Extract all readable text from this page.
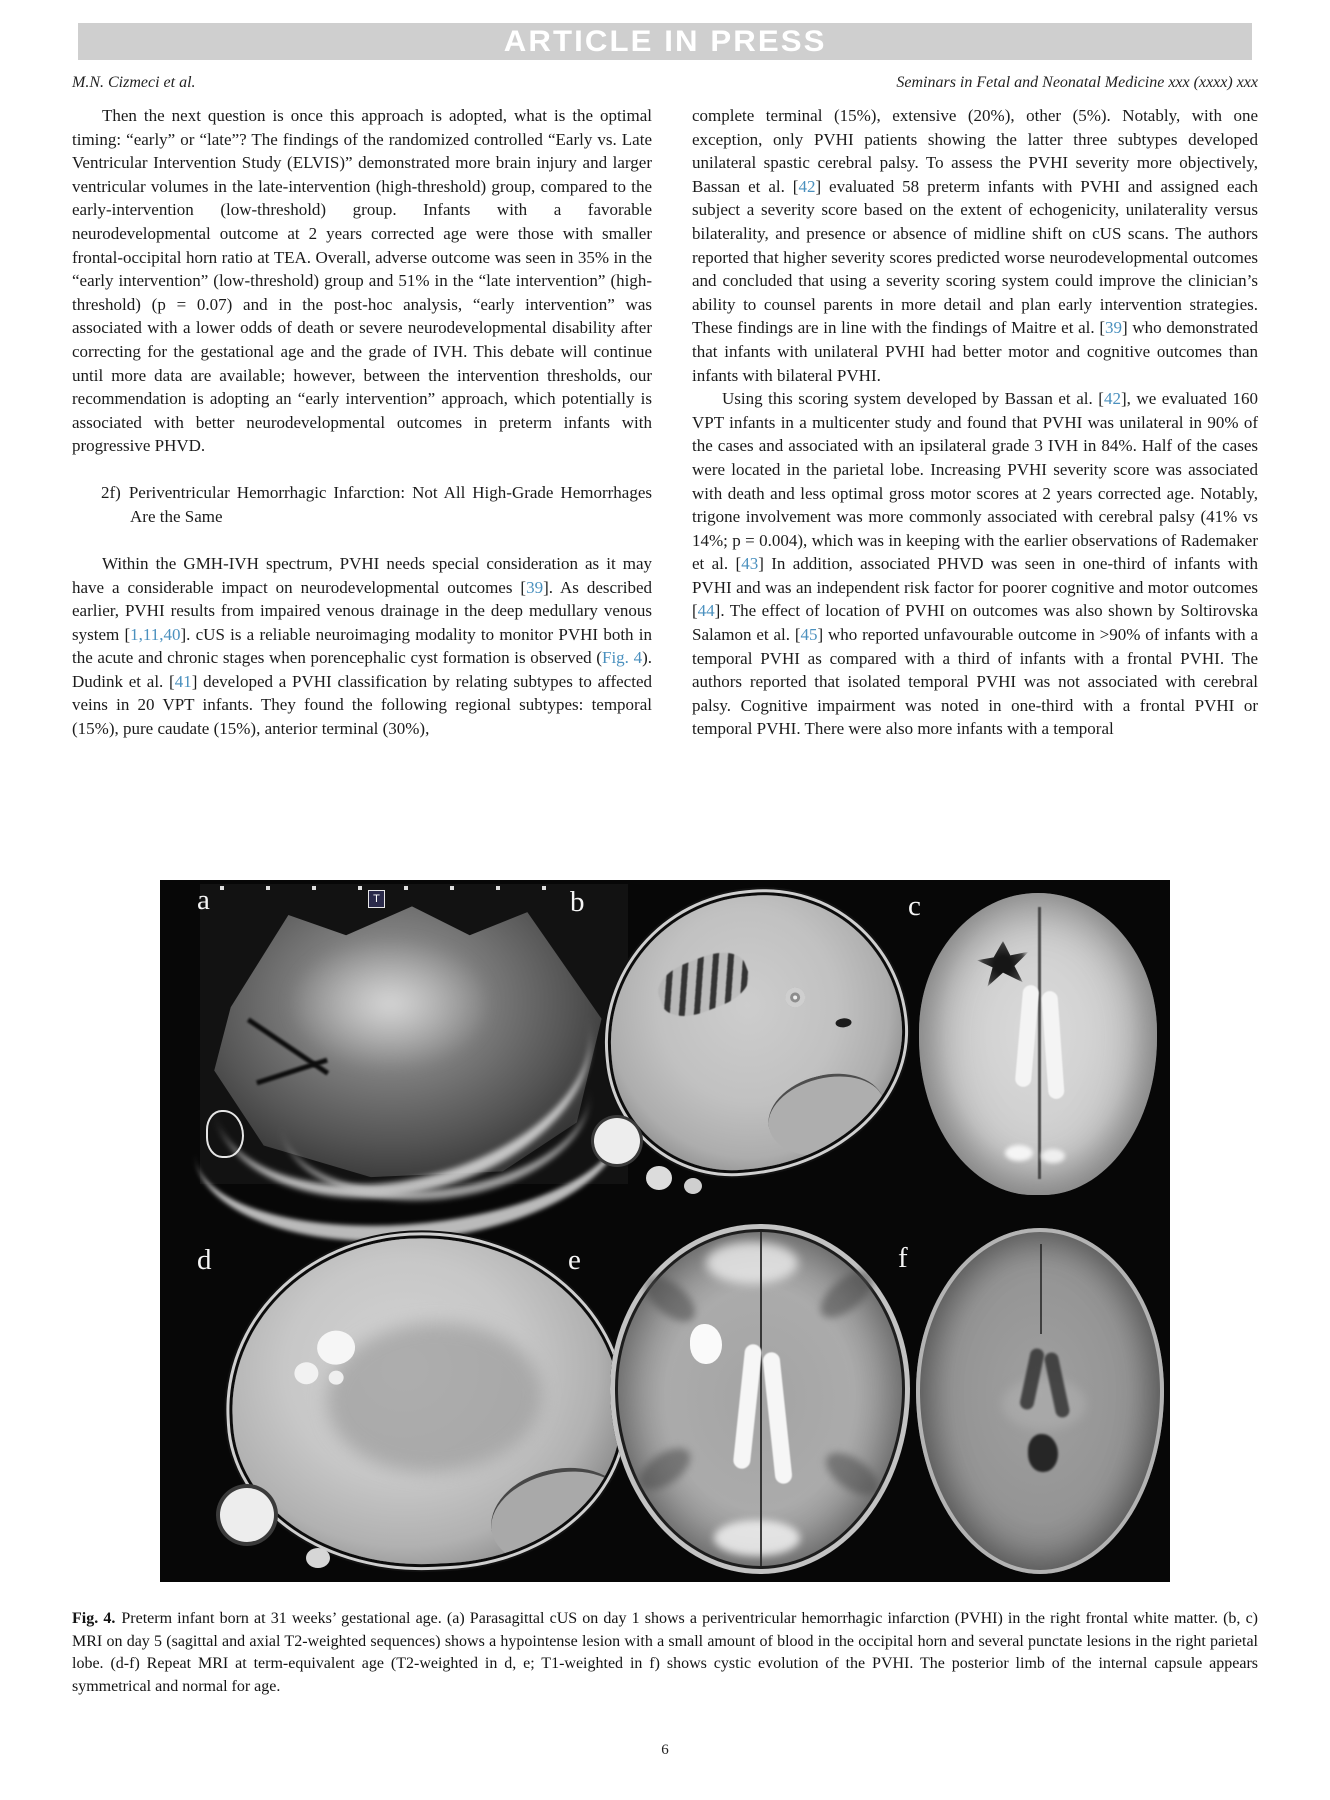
ARTICLE IN PRESS
M.N. Cizmeci et al.	Seminars in Fetal and Neonatal Medicine xxx (xxxx) xxx

Then the next question is once this approach is adopted, what is the optimal timing: “early” or “late”? The findings of the randomized controlled “Early vs. Late Ventricular Intervention Study (ELVIS)” demonstrated more brain injury and larger ventricular volumes in the late-intervention (high-threshold) group, compared to the early-intervention (low-threshold) group. Infants with a favorable neurodevelopmental outcome at 2 years corrected age were those with smaller frontal-occipital horn ratio at TEA. Overall, adverse outcome was seen in 35% in the “early intervention” (low-threshold) group and 51% in the “late intervention” (high-threshold) (p = 0.07) and in the post-hoc analysis, “early intervention” was associated with a lower odds of death or severe neurodevelopmental disability after correcting for the gestational age and the grade of IVH. This debate will continue until more data are available; however, between the intervention thresholds, our recommendation is adopting an “early intervention” approach, which potentially is associated with better neurodevelopmental outcomes in preterm infants with progressive PHVD.

2f) Periventricular Hemorrhagic Infarction: Not All High-Grade Hemorrhages Are the Same

Within the GMH-IVH spectrum, PVHI needs special consideration as it may have a considerable impact on neurodevelopmental outcomes [39]. As described earlier, PVHI results from impaired venous drainage in the deep medullary venous system [1,11,40]. cUS is a reliable neuroimaging modality to monitor PVHI both in the acute and chronic stages when porencephalic cyst formation is observed (Fig. 4). Dudink et al. [41] developed a PVHI classification by relating subtypes to affected veins in 20 VPT infants. They found the following regional subtypes: temporal (15%), pure caudate (15%), anterior terminal (30%),

complete terminal (15%), extensive (20%), other (5%). Notably, with one exception, only PVHI patients showing the latter three subtypes developed unilateral spastic cerebral palsy. To assess the PVHI severity more objectively, Bassan et al. [42] evaluated 58 preterm infants with PVHI and assigned each subject a severity score based on the extent of echogenicity, unilaterality versus bilaterality, and presence or absence of midline shift on cUS scans. The authors reported that higher severity scores predicted worse neurodevelopmental outcomes and concluded that using a severity scoring system could improve the clinician’s ability to counsel parents in more detail and plan early intervention strategies. These findings are in line with the findings of Maitre et al. [39] who demonstrated that infants with unilateral PVHI had better motor and cognitive outcomes than infants with bilateral PVHI.

Using this scoring system developed by Bassan et al. [42], we evaluated 160 VPT infants in a multicenter study and found that PVHI was unilateral in 90% of the cases and associated with an ipsilateral grade 3 IVH in 84%. Half of the cases were located in the parietal lobe. Increasing PVHI severity score was associated with death and less optimal gross motor scores at 2 years corrected age. Notably, trigone involvement was more commonly associated with cerebral palsy (41% vs 14%; p = 0.004), which was in keeping with the earlier observations of Rademaker et al. [43] In addition, associated PHVD was seen in one-third of infants with PVHI and was an independent risk factor for poorer cognitive and motor outcomes [44]. The effect of location of PVHI on outcomes was also shown by Soltirovska Salamon et al. [45] who reported unfavourable outcome in >90% of infants with a temporal PVHI as compared with a third of infants with a frontal PVHI. The authors reported that isolated temporal PVHI was not associated with cerebral palsy. Cognitive impairment was noted in one-third with a frontal PVHI or temporal PVHI. There were also more infants with a temporal

a	b	c
d	e	f
T
Fig. 4. Preterm infant born at 31 weeks’ gestational age. (a) Parasagittal cUS on day 1 shows a periventricular hemorrhagic infarction (PVHI) in the right frontal white matter. (b, c) MRI on day 5 (sagittal and axial T2-weighted sequences) shows a hypointense lesion with a small amount of blood in the occipital horn and several punctate lesions in the right parietal lobe. (d-f) Repeat MRI at term-equivalent age (T2-weighted in d, e; T1-weighted in f) shows cystic evolution of the PVHI. The posterior limb of the internal capsule appears symmetrical and normal for age.
6
